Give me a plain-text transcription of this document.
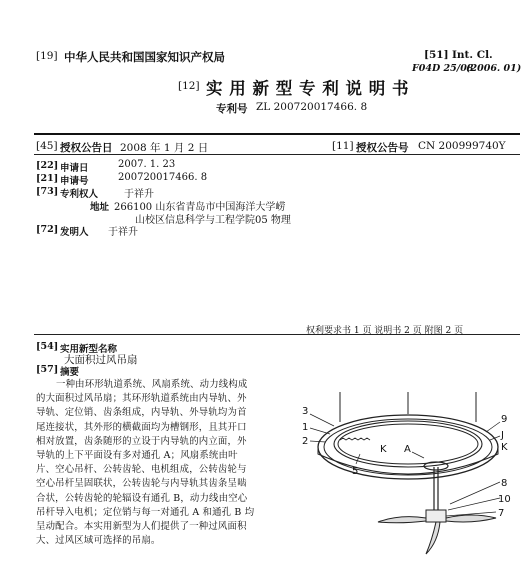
[19] 中华人民共和国国家知识产权局	[51] Int. Cl.
F04D 25/08
(2006. 01)
[12] 实 用 新 型 专 利 说 明 书
专利号 ZL 200720017466. 8
[45] 授权公告日 2008 年 1 月 2 日	[11] 授权公告号 CN 200999740Y
[22] 申请日	2007. 1. 23
[21] 申请号	200720017466. 8
[73] 专利权人	于祥升
地址 266100 山东省青岛市中国海洋大学崂
山校区信息科学与工程学院05 物理
[72] 发明人 于祥升
权利要求书 1 页 说明书 2 页 附图 2 页
[54] 实用新型名称
大面积过风吊扇
[57] 摘要

一种由环形轨道系统、风扇系统、动力线构成

的大面积过风吊扇；其环形轨道系统由内导轨、外

导轨、定位销、齿条组成，内导轨、外导轨均为首

尾连接状，其外形的横截面均为槽钢形，且其开口

相对放置，齿条随形的立设于内导轨的内立面，外

导轨的上下平面设有多对通孔 A；风扇系统由叶

片、空心吊杆、公转齿轮、电机组成，公转齿轮与

空心吊杆呈固联状，公转齿轮与内导轨其齿条呈啮

合状，公转齿轮的轮辐设有通孔 B，动力线由空心

吊杆导入电机；定位销与每一对通孔 A 和通孔 B 均

呈动配合。本实用新型为人们提供了一种过风面积

大、过风区域可选择的吊扇。

3
1
2
5
9
J
K
8
10
7
A
K
